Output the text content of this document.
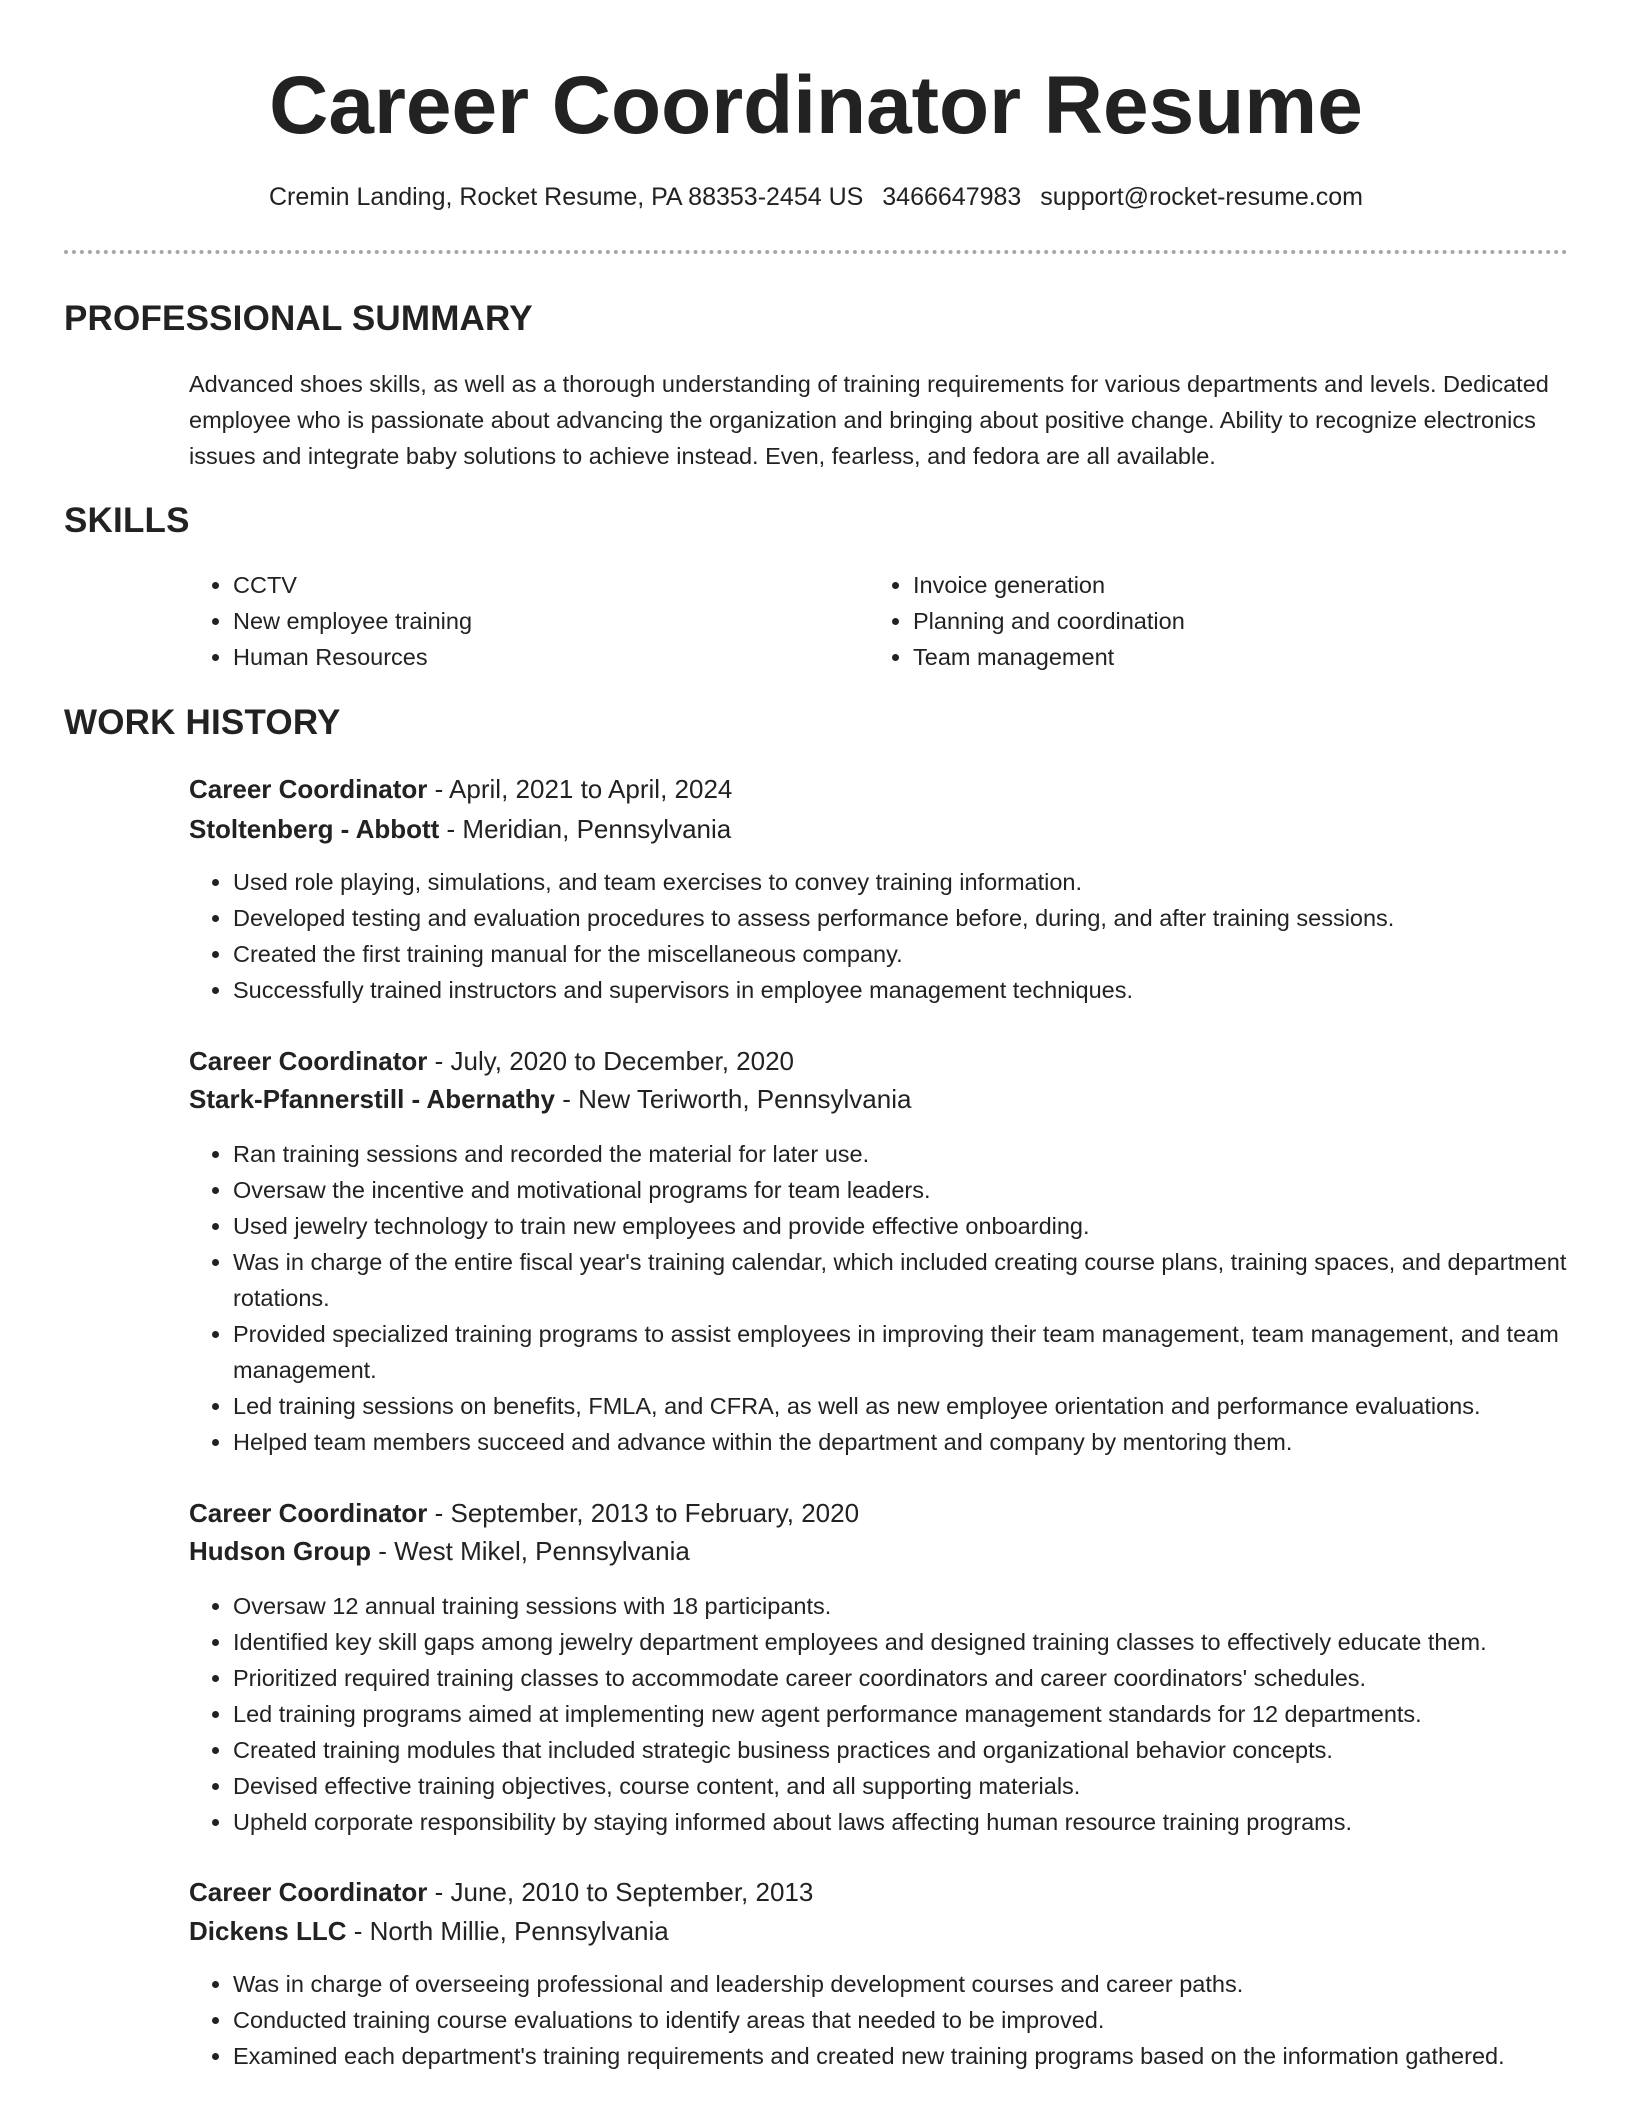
Career Coordinator Resume
Cremin Landing, Rocket Resume, PA 88353-2454 US 3466647983 support@rocket-resume.com
PROFESSIONAL SUMMARY

Advanced shoes skills, as well as a thorough understanding of training requirements for various departments and levels. Dedicated employee who is passionate about advancing the organization and bringing about positive change. Ability to recognize electronics issues and integrate baby solutions to achieve instead. Even, fearless, and fedora are all available.

SKILLS
• CCTV
• New employee training
• Human Resources
• Invoice generation
• Planning and coordination
• Team management
WORK HISTORY
Career Coordinator - April, 2021 to April, 2024
Stoltenberg - Abbott - Meridian, Pennsylvania
• Used role playing, simulations, and team exercises to convey training information.
• Developed testing and evaluation procedures to assess performance before, during, and after training sessions.
• Created the first training manual for the miscellaneous company.
• Successfully trained instructors and supervisors in employee management techniques.
Career Coordinator - July, 2020 to December, 2020
Stark-Pfannerstill - Abernathy - New Teriworth, Pennsylvania
• Ran training sessions and recorded the material for later use.
• Oversaw the incentive and motivational programs for team leaders.
• Used jewelry technology to train new employees and provide effective onboarding.
• Was in charge of the entire fiscal year's training calendar, which included creating course plans, training spaces, and department rotations.
• Provided specialized training programs to assist employees in improving their team management, team management, and team management.
• Led training sessions on benefits, FMLA, and CFRA, as well as new employee orientation and performance evaluations.
• Helped team members succeed and advance within the department and company by mentoring them.
Career Coordinator - September, 2013 to February, 2020
Hudson Group - West Mikel, Pennsylvania
• Oversaw 12 annual training sessions with 18 participants.
• Identified key skill gaps among jewelry department employees and designed training classes to effectively educate them.
• Prioritized required training classes to accommodate career coordinators and career coordinators' schedules.
• Led training programs aimed at implementing new agent performance management standards for 12 departments.
• Created training modules that included strategic business practices and organizational behavior concepts.
• Devised effective training objectives, course content, and all supporting materials.
• Upheld corporate responsibility by staying informed about laws affecting human resource training programs.
Career Coordinator - June, 2010 to September, 2013
Dickens LLC - North Millie, Pennsylvania
• Was in charge of overseeing professional and leadership development courses and career paths.
• Conducted training course evaluations to identify areas that needed to be improved.
• Examined each department's training requirements and created new training programs based on the information gathered.
